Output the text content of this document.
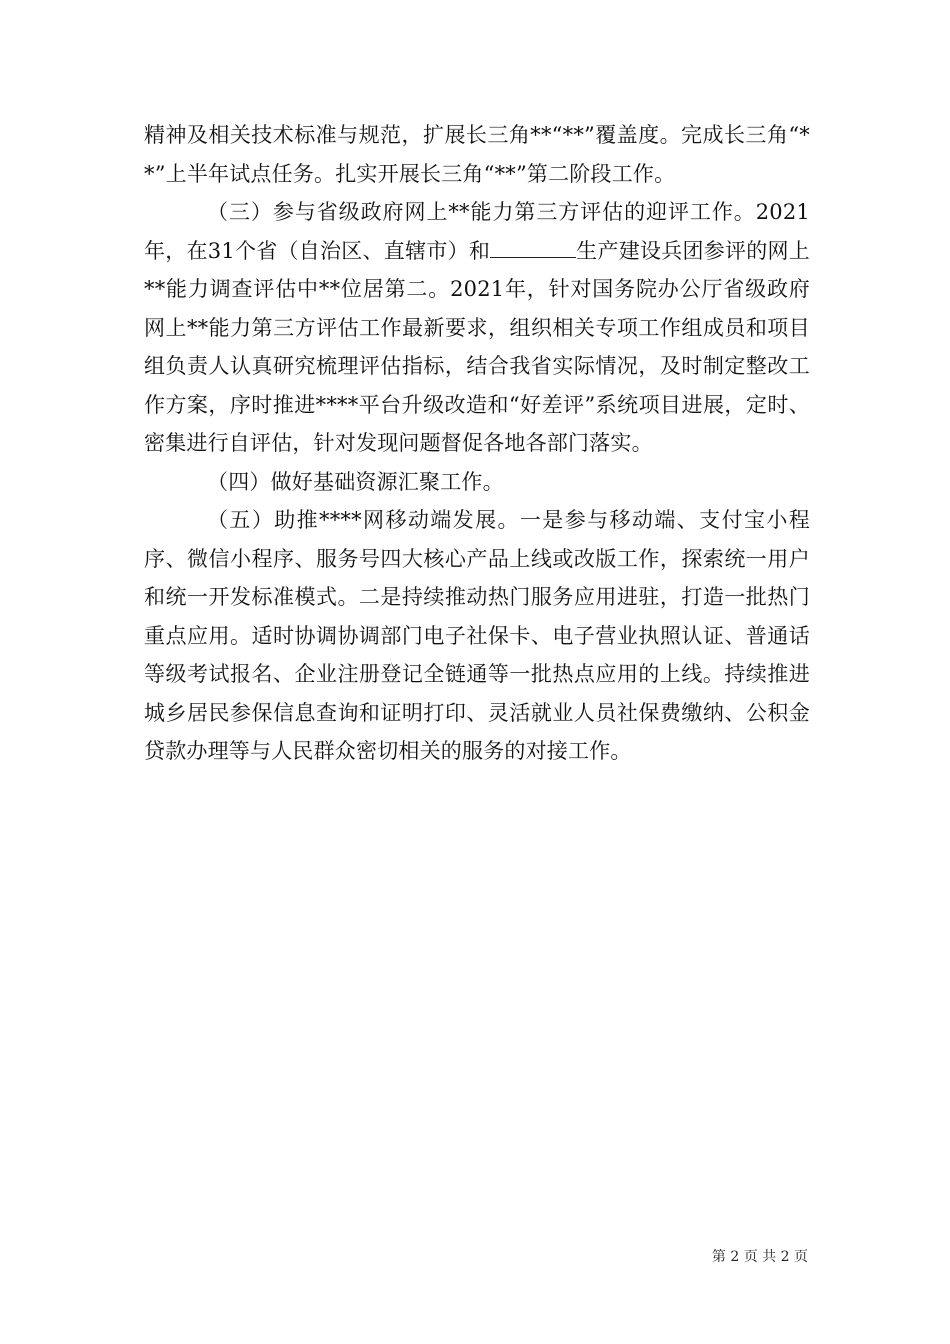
精神及相关技术标准与规范，扩展长三角**“**”覆盖度。完成长三角“**”上半年试点任务。扎实开展长三角“**”第二阶段工作。

（三）参与省级政府网上**能力第三方评估的迎评工作。2021年，在31个省（自治区、直辖市）和	生产建设兵团参评的网上**能力调查评估中**位居第二。2021年，针对国务院办公厅省级政府网上**能力第三方评估工作最新要求，组织相关专项工作组成员和项目组负责人认真研究梳理评估指标，结合我省实际情况，及时制定整改工作方案，序时推进****平台升级改造和“好差评”系统项目进展，定时、密集进行自评估，针对发现问题督促各地各部门落实。

（四）做好基础资源汇聚工作。

（五）助推****网移动端发展。一是参与移动端、支付宝小程序、微信小程序、服务号四大核心产品上线或改版工作，探索统一用户和统一开发标准模式。二是持续推动热门服务应用进驻，打造一批热门重点应用。适时协调协调部门电子社保卡、电子营业执照认证、普通话等级考试报名、企业注册登记全链通等一批热点应用的上线。持续推进城乡居民参保信息查询和证明打印、灵活就业人员社保费缴纳、公积金贷款办理等与人民群众密切相关的服务的对接工作。

第 2 页 共 2 页
